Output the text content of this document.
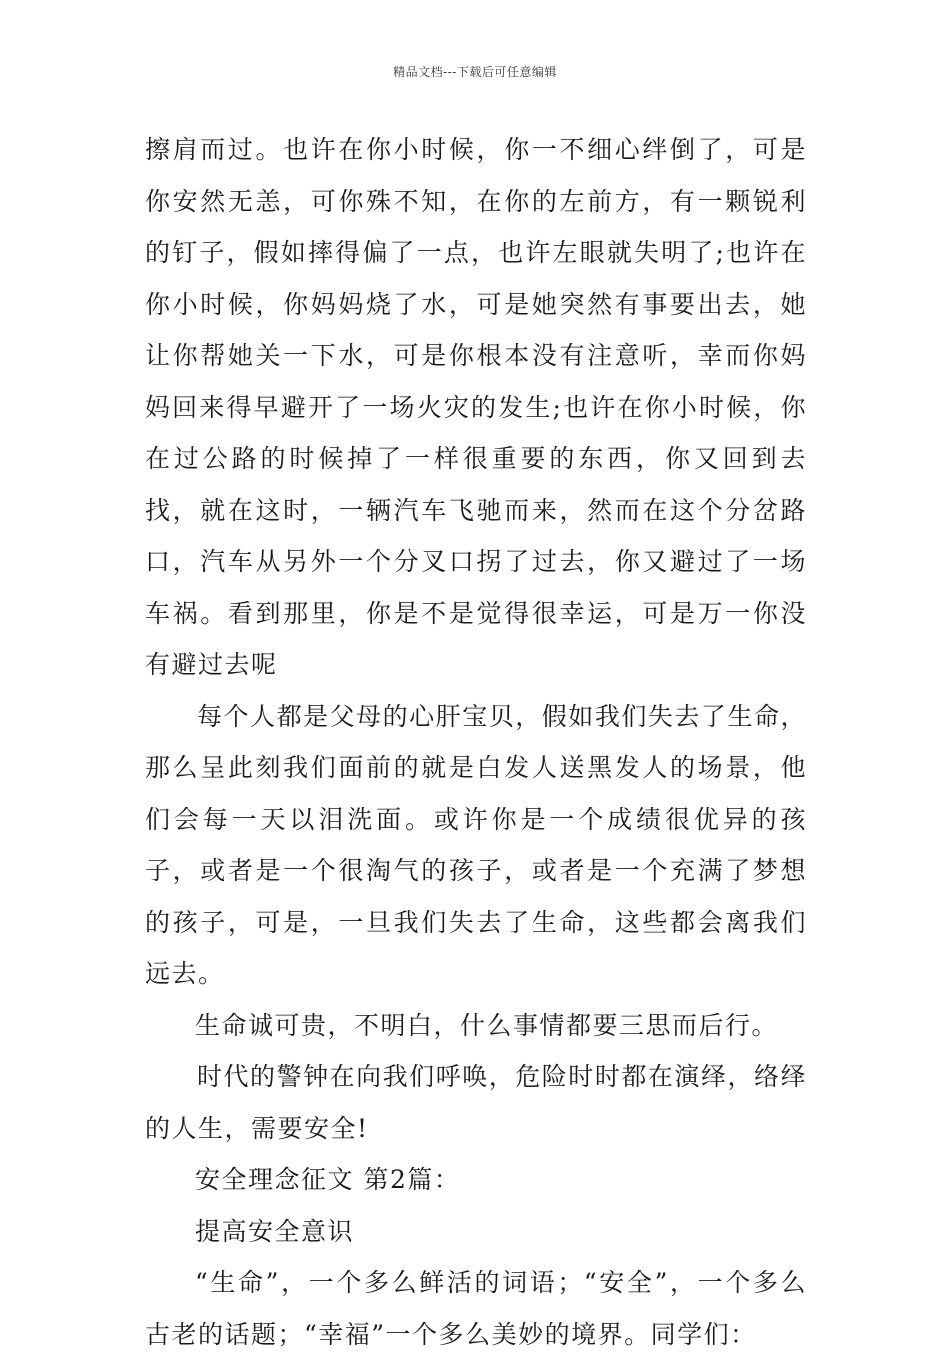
精品文档---下载后可任意编辑

擦肩而过。也许在你小时候，你一不细心绊倒了，可是你安然无恙，可你殊不知，在你的左前方，有一颗锐利的钉子，假如摔得偏了一点，也许左眼就失明了;也许在你小时候，你妈妈烧了水，可是她突然有事要出去，她让你帮她关一下水，可是你根本没有注意听，幸而你妈妈回来得早避开了一场火灾的发生;也许在你小时候，你在过公路的时候掉了一样很重要的东西，你又回到去找，就在这时，一辆汽车飞驰而来，然而在这个分岔路口，汽车从另外一个分叉口拐了过去，你又避过了一场车祸。看到那里，你是不是觉得很幸运，可是万一你没有避过去呢

每个人都是父母的心肝宝贝，假如我们失去了生命，那么呈此刻我们面前的就是白发人送黑发人的场景，他们会每一天以泪洗面。或许你是一个成绩很优异的孩子，或者是一个很淘气的孩子，或者是一个充满了梦想的孩子，可是，一旦我们失去了生命，这些都会离我们远去。

生命诚可贵，不明白，什么事情都要三思而后行。

时代的警钟在向我们呼唤，危险时时都在演绎，络绎的人生，需要安全!

安全理念征文 第2篇：

提高安全意识

“生命”，一个多么鲜活的词语；“安全”，一个多么古老的话题；“幸福”一个多么美妙的境界。同学们：
